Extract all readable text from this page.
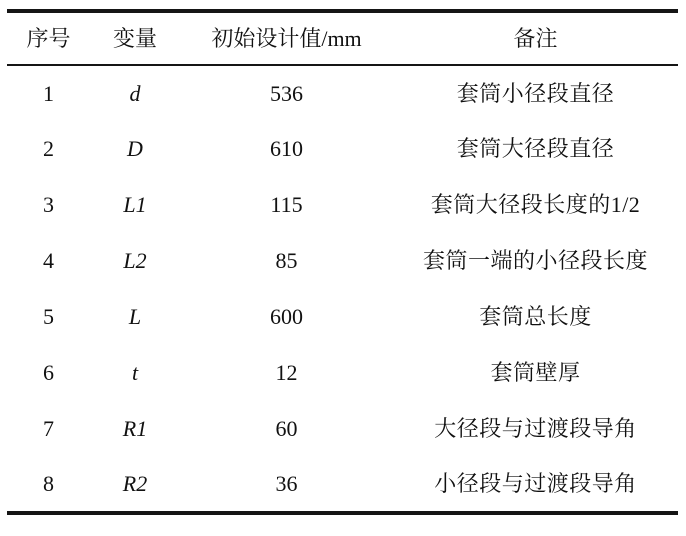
序号	变量	初始设计值/mm	备注
1	d	536	套筒小径段直径
2	D	610	套筒大径段直径
3	L1	115	套筒大径段长度的1/2
4	L2	85	套筒一端的小径段长度
5	L	600	套筒总长度
6	t	12	套筒壁厚
7	R1	60	大径段与过渡段导角
8	R2	36	小径段与过渡段导角
